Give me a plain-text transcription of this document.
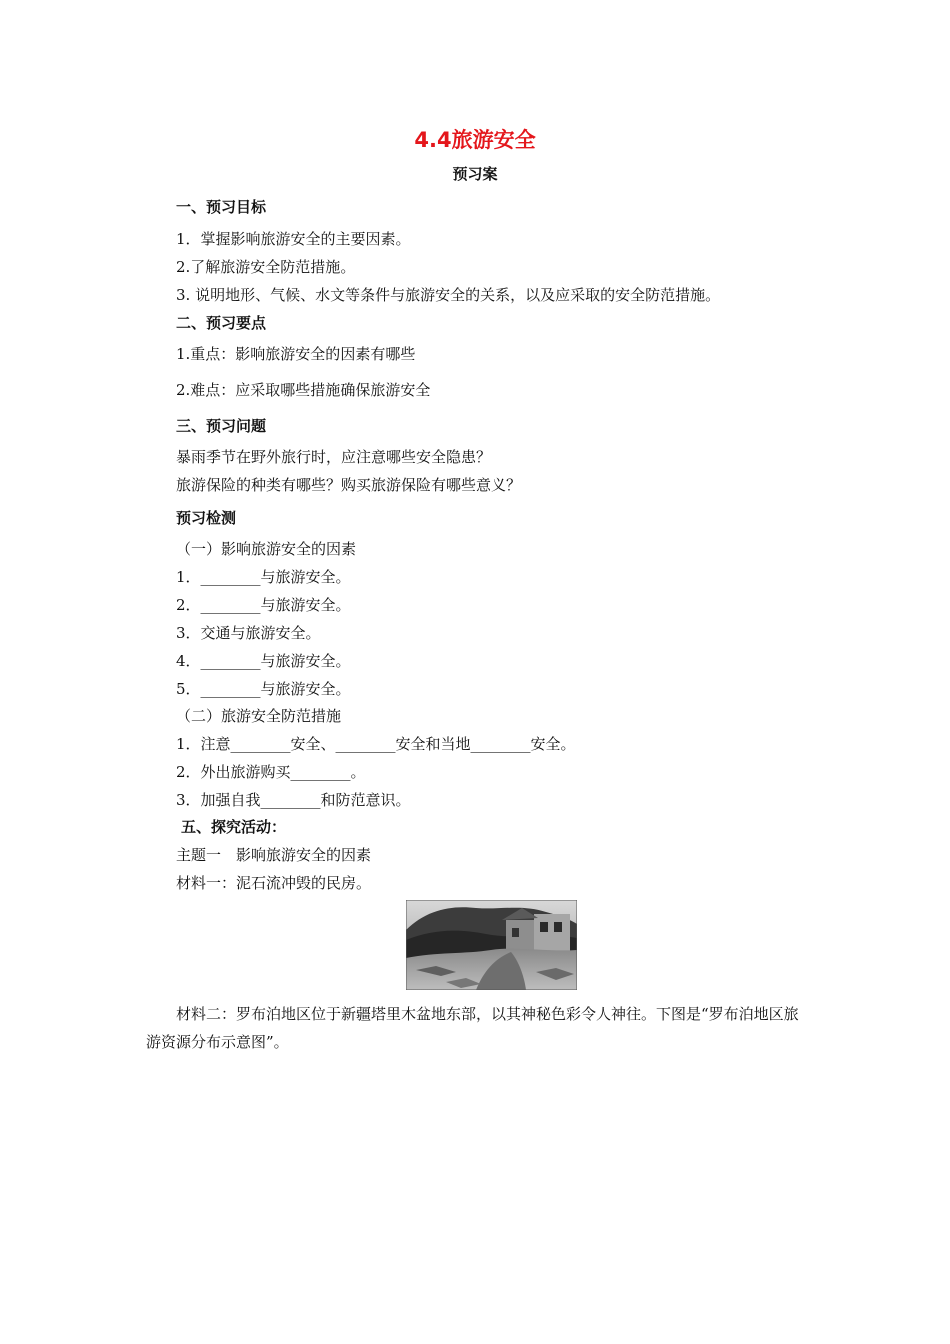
4.4旅游安全
预习案
一、预习目标
1．掌握影响旅游安全的主要因素。
2.了解旅游安全防范措施。
3. 说明地形、气候、水文等条件与旅游安全的关系，以及应采取的安全防范措施。
二、预习要点
1.重点：影响旅游安全的因素有哪些
2.难点：应采取哪些措施确保旅游安全
三、预习问题
暴雨季节在野外旅行时，应注意哪些安全隐患？
旅游保险的种类有哪些？购买旅游保险有哪些意义？
预习检测
（一）影响旅游安全的因素
1．________与旅游安全。
2．________与旅游安全。
3．交通与旅游安全。
4．________与旅游安全。
5．________与旅游安全。
（二）旅游安全防范措施
1．注意________安全、________安全和当地________安全。
2．外出旅游购买________。
3．加强自我________和防范意识。
五、探究活动：
主题一　影响旅游安全的因素
材料一：泥石流冲毁的民房。
材料二：罗布泊地区位于新疆塔里木盆地东部，以其神秘色彩令人神往。下图是“罗布泊地区旅游资源分布示意图”。
